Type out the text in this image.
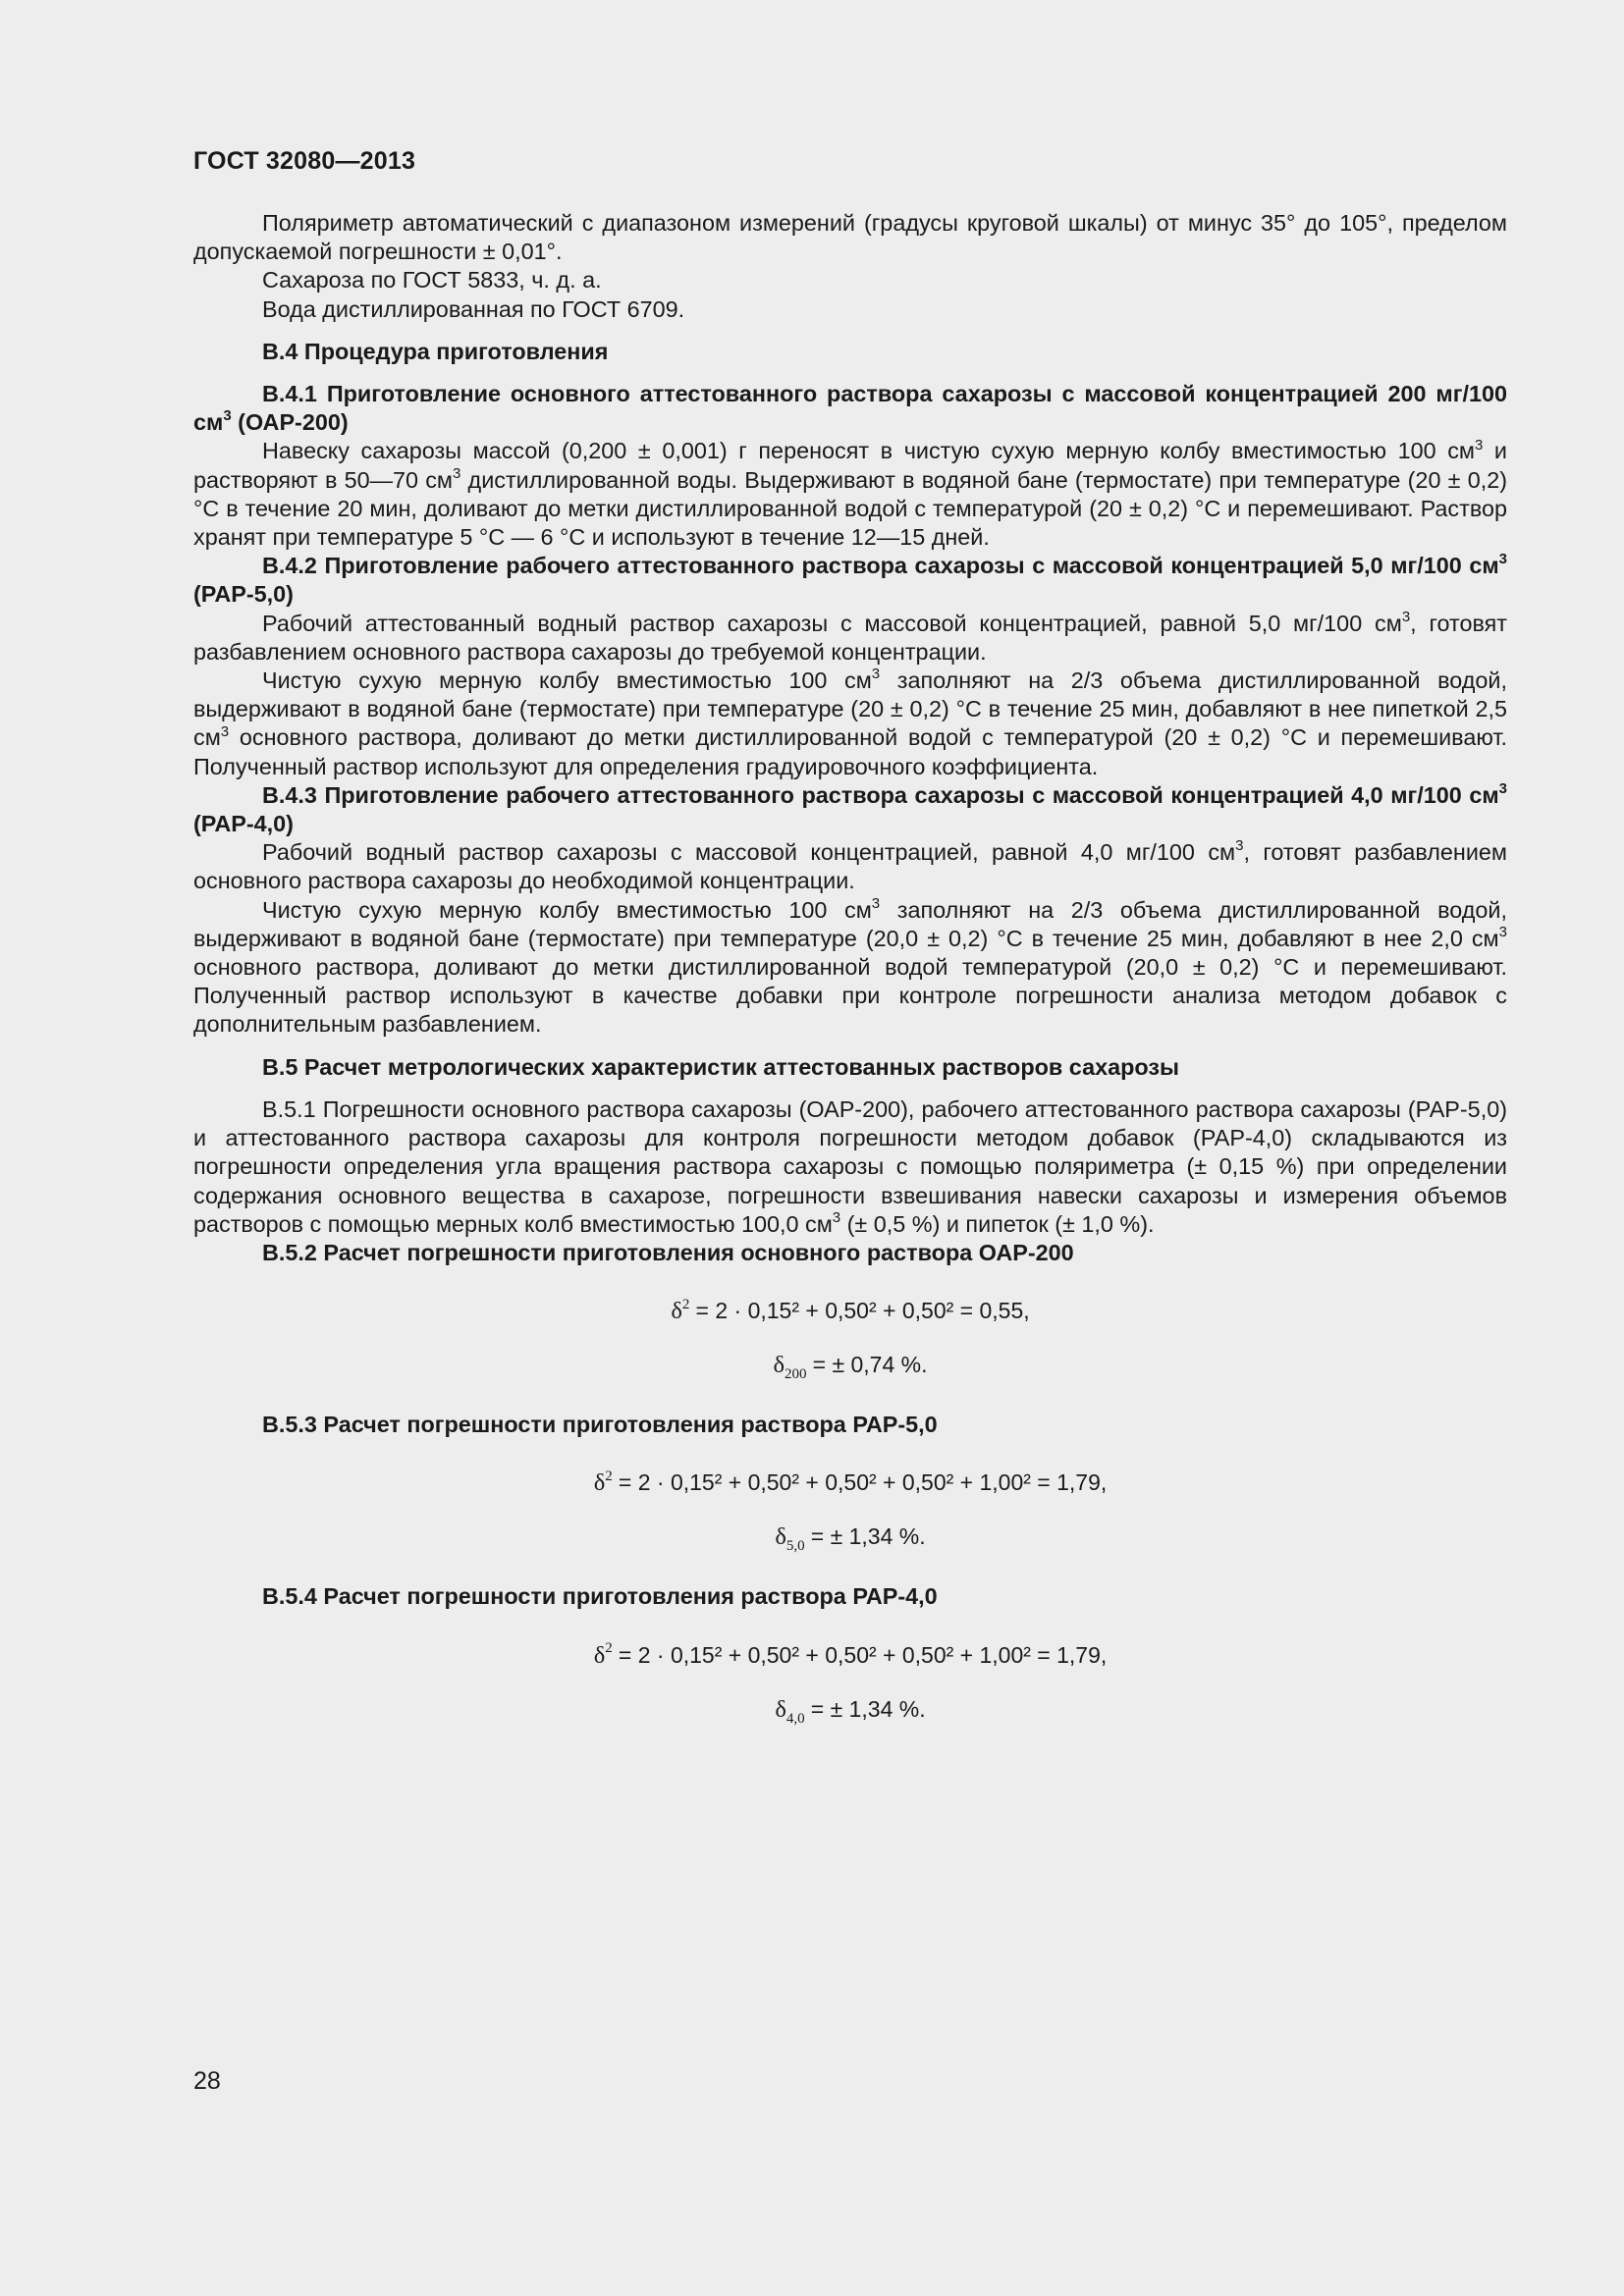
ГОСТ 32080—2013

Поляриметр автоматический с диапазоном измерений (градусы круговой шкалы) от минус 35° до 105°, пределом допускаемой погрешности ± 0,01°.

Сахароза по ГОСТ 5833, ч. д. а.

Вода дистиллированная по ГОСТ 6709.

В.4 Процедура приготовления

В.4.1 Приготовление основного аттестованного раствора сахарозы с массовой концентрацией 200 мг/100 $см^3$ (ОАР-200)

Навеску сахарозы массой (0,200 ± 0,001) г переносят в чистую сухую мерную колбу вместимостью 100 $см^3$ и растворяют в 50—70 $см^3$ дистиллированной воды. Выдерживают в водяной бане (термостате) при температуре (20 ± 0,2) °С в течение 20 мин, доливают до метки дистиллированной водой с температурой (20 ± 0,2) °С и перемешивают. Раствор хранят при температуре 5 °С — 6 °С и используют в течение 12—15 дней.

В.4.2 Приготовление рабочего аттестованного раствора сахарозы с массовой концентрацией 5,0 мг/100 $см^3$ (РАР-5,0)

Рабочий аттестованный водный раствор сахарозы с массовой концентрацией, равной 5,0 мг/100 $см^3$, готовят разбавлением основного раствора сахарозы до требуемой концентрации.

Чистую сухую мерную колбу вместимостью 100 $см^3$ заполняют на 2/3 объема дистиллированной водой, выдерживают в водяной бане (термостате) при температуре (20 ± 0,2) °С в течение 25 мин, добавляют в нее пипеткой 2,5 $см^3$ основного раствора, доливают до метки дистиллированной водой с температурой (20 ± 0,2) °С и перемешивают. Полученный раствор используют для определения градуировочного коэффициента.

В.4.3 Приготовление рабочего аттестованного раствора сахарозы с массовой концентрацией 4,0 мг/100 $см^3$ (РАР-4,0)

Рабочий водный раствор сахарозы с массовой концентрацией, равной 4,0 мг/100 $см^3$, готовят разбавлением основного раствора сахарозы до необходимой концентрации.

Чистую сухую мерную колбу вместимостью 100 $см^3$ заполняют на 2/3 объема дистиллированной водой, выдерживают в водяной бане (термостате) при температуре (20,0 ± 0,2) °С в течение 25 мин, добавляют в нее 2,0 $см^3$ основного раствора, доливают до метки дистиллированной водой температурой (20,0 ± 0,2) °С и перемешивают. Полученный раствор используют в качестве добавки при контроле погрешности анализа методом добавок с дополнительным разбавлением.

В.5 Расчет метрологических характеристик аттестованных растворов сахарозы

В.5.1 Погрешности основного раствора сахарозы (ОАР-200), рабочего аттестованного раствора сахарозы (РАР-5,0) и аттестованного раствора сахарозы для контроля погрешности методом добавок (РАР-4,0) складываются из погрешности определения угла вращения раствора сахарозы с помощью поляриметра (± 0,15 %) при определении содержания основного вещества в сахарозе, погрешности взвешивания навески сахарозы и измерения объемов растворов с помощью мерных колб вместимостью 100,0 $см^3$ (± 0,5 %) и пипеток (± 1,0 %).

В.5.2 Расчет погрешности приготовления основного раствора ОАР-200

$\delta^2 = 2 \cdot 0,15^2 + 0,50^2 + 0,50^2 = 0,55$,

$\delta_{200}$ = ± 0,74 %.

В.5.3 Расчет погрешности приготовления раствора РАР-5,0

$\delta^2 = 2 \cdot 0,15^2 + 0,50^2 + 0,50^2 + 0,50^2 + 1,00^2 = 1,79$,

$\delta_{5,0}$ = ± 1,34 %.

В.5.4 Расчет погрешности приготовления раствора РАР-4,0

$\delta^2 = 2 \cdot 0,15^2 + 0,50^2 + 0,50^2 + 0,50^2 + 1,00^2 = 1,79$,

$\delta_{4,0}$ = ± 1,34 %.

28
